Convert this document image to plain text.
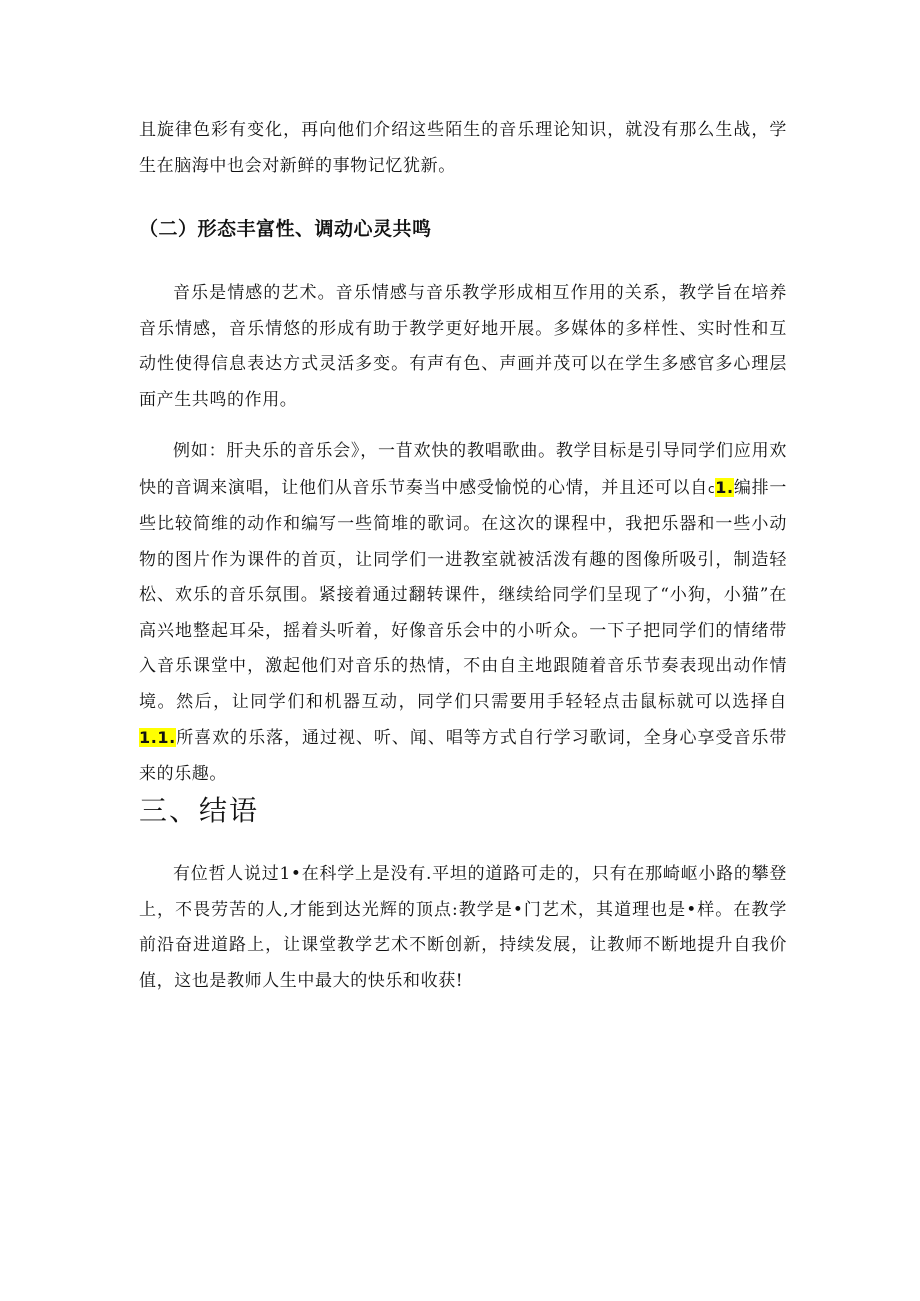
且旋律色彩有变化，再向他们介绍这些陌生的音乐理论知识，就没有那么生战，学生在脑海中也会对新鲜的事物记忆犹新。

（二）形态丰富性、调动心灵共鸣

音乐是情感的艺术。音乐情感与音乐教学形成相互作用的关系，教学旨在培养音乐情感，音乐情悠的形成有助于教学更好地开展。多媒体的多样性、实时性和互动性使得信息表达方式灵活多变。有声有色、声画并茂可以在学生多感官多心理层面产生共鸣的作用。

例如：肝夬乐的音乐会》，一苜欢快的教唱歌曲。教学目标是引导同学们应用欢快的音调来演唱，让他们从音乐节奏当中感受愉悦的心情，并且还可以自c1.编排一些比较简维的动作和编写一些简堆的歌词。在这次的课程中，我把乐器和一些小动物的图片作为课件的首页，让同学们一进教室就被活泼有趣的图像所吸引，制造轻松、欢乐的音乐氛围。紧接着通过翻转课件，继续给同学们呈现了“小狗，小猫”在高兴地整起耳朵，摇着头听着，好像音乐会中的小听众。一下子把同学们的情绪带入音乐课堂中，激起他们对音乐的热情，不由自主地跟随着音乐节奏表现出动作情境。然后，让同学们和机器互动，同学们只需要用手轻轻点击鼠标就可以选择自1.1.所喜欢的乐落，通过视、听、闻、唱等方式自行学习歌词，全身心享受音乐带来的乐趣。

三、结语

有位哲人说过1•在科学上是没有.平坦的道路可走的，只有在那崎岖小路的攀登上，不畏劳苦的人,才能到达光辉的顶点:教学是•门艺术，其道理也是•样。在教学前沿奋进道路上，让课堂教学艺术不断创新，持续发展，让教师不断地提升自我价值，这也是教师人生中最大的快乐和收获!
